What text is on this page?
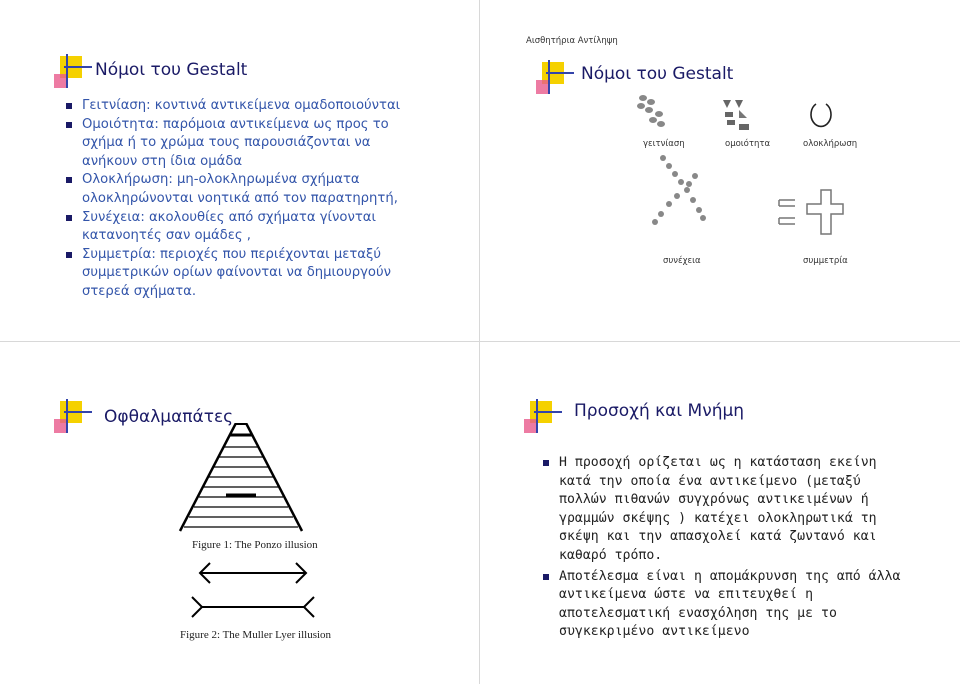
Νόμοι του Gestalt
Γειτνίαση: κοντινά αντικείμενα ομαδοποιούνται
Ομοιότητα: παρόμοια αντικείμενα ως προς το σχήμα ή το χρώμα τους παρουσιάζονται να ανήκουν στη ίδια ομάδα
Ολοκλήρωση: μη-ολοκληρωμένα σχήματα ολοκληρώνονται νοητικά από τον παρατηρητή,
Συνέχεια: ακολουθίες από σχήματα γίνονται κατανοητές σαν ομάδες ,
Συμμετρία: περιοχές που περιέχονται μεταξύ συμμετρικών ορίων φαίνονται να δημιουργούν στερεά σχήματα.
Αισθητήρια Αντίληψη
Νόμοι του Gestalt
γειτνίαση	ομοιότητα	ολοκλήρωση
συνέχεια	συμμετρία
Οφθαλμαπάτες
Figure 1: The Ponzo illusion
Figure 2: The Muller Lyer illusion
Προσοχή και Μνήμη
Η προσοχή ορίζεται ως η κατάσταση εκείνη κατά την οποία ένα αντικείμενο (μεταξύ πολλών πιθανών συγχρόνως αντικειμένων ή γραμμών σκέψης ) κατέχει ολοκληρωτικά τη σκέψη και την απασχολεί κατά ζωντανό και καθαρό τρόπο.
Αποτέλεσμα είναι η απομάκρυνση της από άλλα αντικείμενα ώστε να επιτευχθεί η αποτελεσματική ενασχόληση της με το συγκεκριμένο αντικείμενο
